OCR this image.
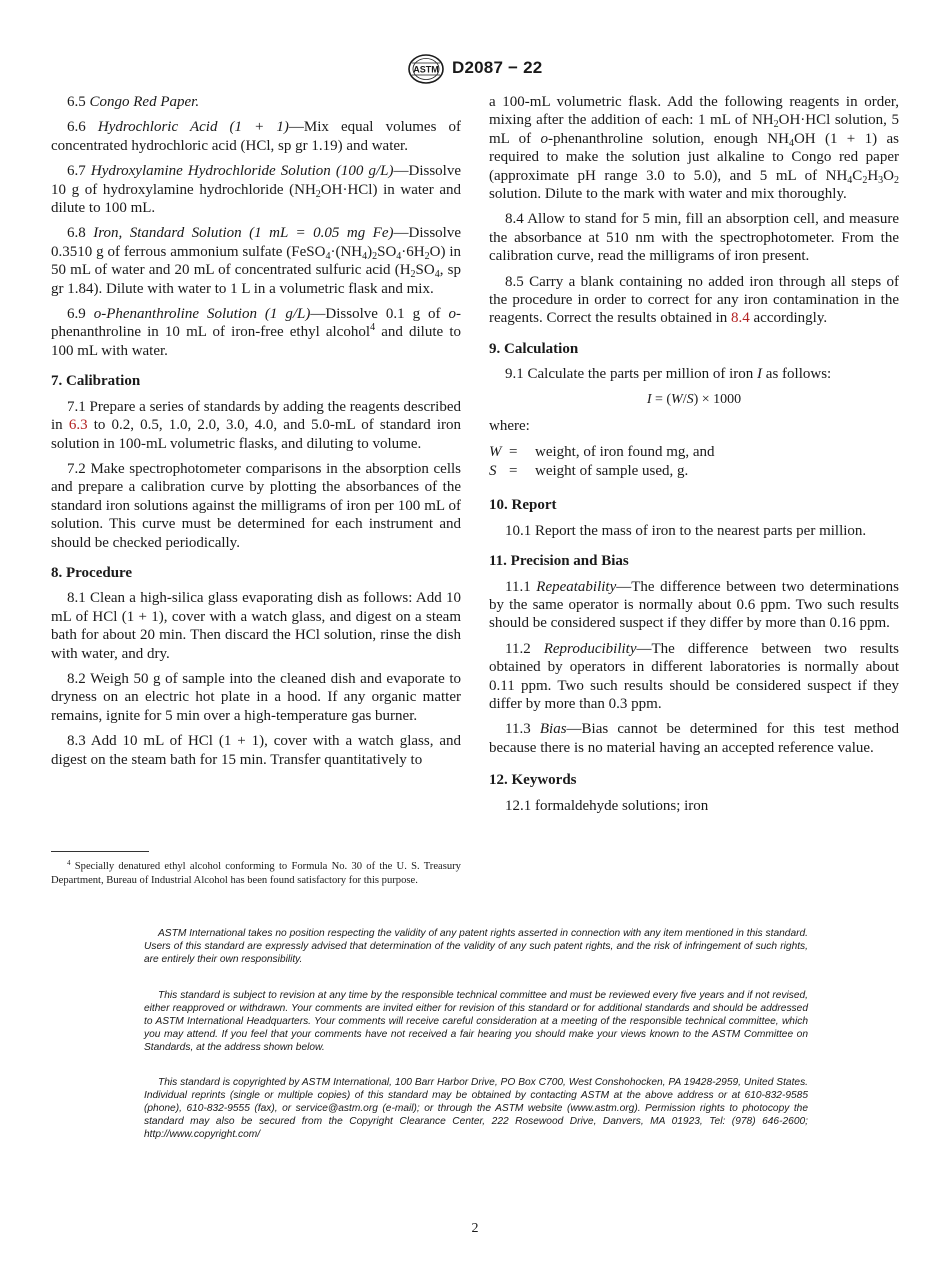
ASTM D2087 − 22

6.5 Congo Red Paper.

6.6 Hydrochloric Acid (1 + 1)—Mix equal volumes of concentrated hydrochloric acid (HCl, sp gr 1.19) and water.

6.7 Hydroxylamine Hydrochloride Solution (100 g/L)—Dissolve 10 g of hydroxylamine hydrochloride $(NH_2OH\cdot HCl)$ in water and dilute to 100 mL.

6.8 Iron, Standard Solution (1 mL = 0.05 mg Fe)—Dissolve 0.3510 g of ferrous ammonium sulfate $(FeSO_4\cdot(NH_4)_2SO_4\cdot 6H_2O)$ in 50 mL of water and 20 mL of concentrated sulfuric acid ($H_2SO_4$, sp gr 1.84). Dilute with water to 1 L in a volumetric flask and mix.

6.9 o-Phenanthroline Solution (1 g/L)—Dissolve 0.1 g of o-phenanthroline in 10 mL of iron-free ethyl alcohol$^4$ and dilute to 100 mL with water.

7. Calibration

7.1 Prepare a series of standards by adding the reagents described in 6.3 to 0.2, 0.5, 1.0, 2.0, 3.0, 4.0, and 5.0-mL of standard iron solution in 100-mL volumetric flasks, and diluting to volume.

7.2 Make spectrophotometer comparisons in the absorption cells and prepare a calibration curve by plotting the absorbances of the standard iron solutions against the milligrams of iron per 100 mL of solution. This curve must be determined for each instrument and should be checked periodically.

8. Procedure

8.1 Clean a high-silica glass evaporating dish as follows: Add 10 mL of HCl (1 + 1), cover with a watch glass, and digest on a steam bath for about 20 min. Then discard the HCl solution, rinse the dish with water, and dry.

8.2 Weigh 50 g of sample into the cleaned dish and evaporate to dryness on an electric hot plate in a hood. If any organic matter remains, ignite for 5 min over a high-temperature gas burner.

8.3 Add 10 mL of HCl (1 + 1), cover with a watch glass, and digest on the steam bath for 15 min. Transfer quantitatively to

$^4$ Specially denatured ethyl alcohol conforming to Formula No. 30 of the U. S. Treasury Department, Bureau of Industrial Alcohol has been found satisfactory for this purpose.

a 100-mL volumetric flask. Add the following reagents in order, mixing after the addition of each: 1 mL of $NH_2OH\cdot HCl$ solution, 5 mL of o-phenanthroline solution, enough $NH_4OH$ (1 + 1) as required to make the solution just alkaline to Congo red paper (approximate pH range 3.0 to 5.0), and 5 mL of $NH_4C_2H_3O_2$ solution. Dilute to the mark with water and mix thoroughly.

8.4 Allow to stand for 5 min, fill an absorption cell, and measure the absorbance at 510 nm with the spectrophotometer. From the calibration curve, read the milligrams of iron present.

8.5 Carry a blank containing no added iron through all steps of the procedure in order to correct for any iron contamination in the reagents. Correct the results obtained in 8.4 accordingly.

9. Calculation

9.1 Calculate the parts per million of iron I as follows:

I = (W/S) × 1000

where:

W =	weight, of iron found mg, and
S =	weight of sample used, g.
10. Report

10.1 Report the mass of iron to the nearest parts per million.

11. Precision and Bias

11.1 Repeatability—The difference between two determinations by the same operator is normally about 0.6 ppm. Two such results should be considered suspect if they differ by more than 0.16 ppm.

11.2 Reproducibility—The difference between two results obtained by operators in different laboratories is normally about 0.11 ppm. Two such results should be considered suspect if they differ by more than 0.3 ppm.

11.3 Bias—Bias cannot be determined for this test method because there is no material having an accepted reference value.

12. Keywords

12.1 formaldehyde solutions; iron

ASTM International takes no position respecting the validity of any patent rights asserted in connection with any item mentioned in this standard. Users of this standard are expressly advised that determination of the validity of any such patent rights, and the risk of infringement of such rights, are entirely their own responsibility.

This standard is subject to revision at any time by the responsible technical committee and must be reviewed every five years and if not revised, either reapproved or withdrawn. Your comments are invited either for revision of this standard or for additional standards and should be addressed to ASTM International Headquarters. Your comments will receive careful consideration at a meeting of the responsible technical committee, which you may attend. If you feel that your comments have not received a fair hearing you should make your views known to the ASTM Committee on Standards, at the address shown below.

This standard is copyrighted by ASTM International, 100 Barr Harbor Drive, PO Box C700, West Conshohocken, PA 19428-2959, United States. Individual reprints (single or multiple copies) of this standard may be obtained by contacting ASTM at the above address or at 610-832-9585 (phone), 610-832-9555 (fax), or service@astm.org (e-mail); or through the ASTM website (www.astm.org). Permission rights to photocopy the standard may also be secured from the Copyright Clearance Center, 222 Rosewood Drive, Danvers, MA 01923, Tel: (978) 646-2600; http://www.copyright.com/

2
